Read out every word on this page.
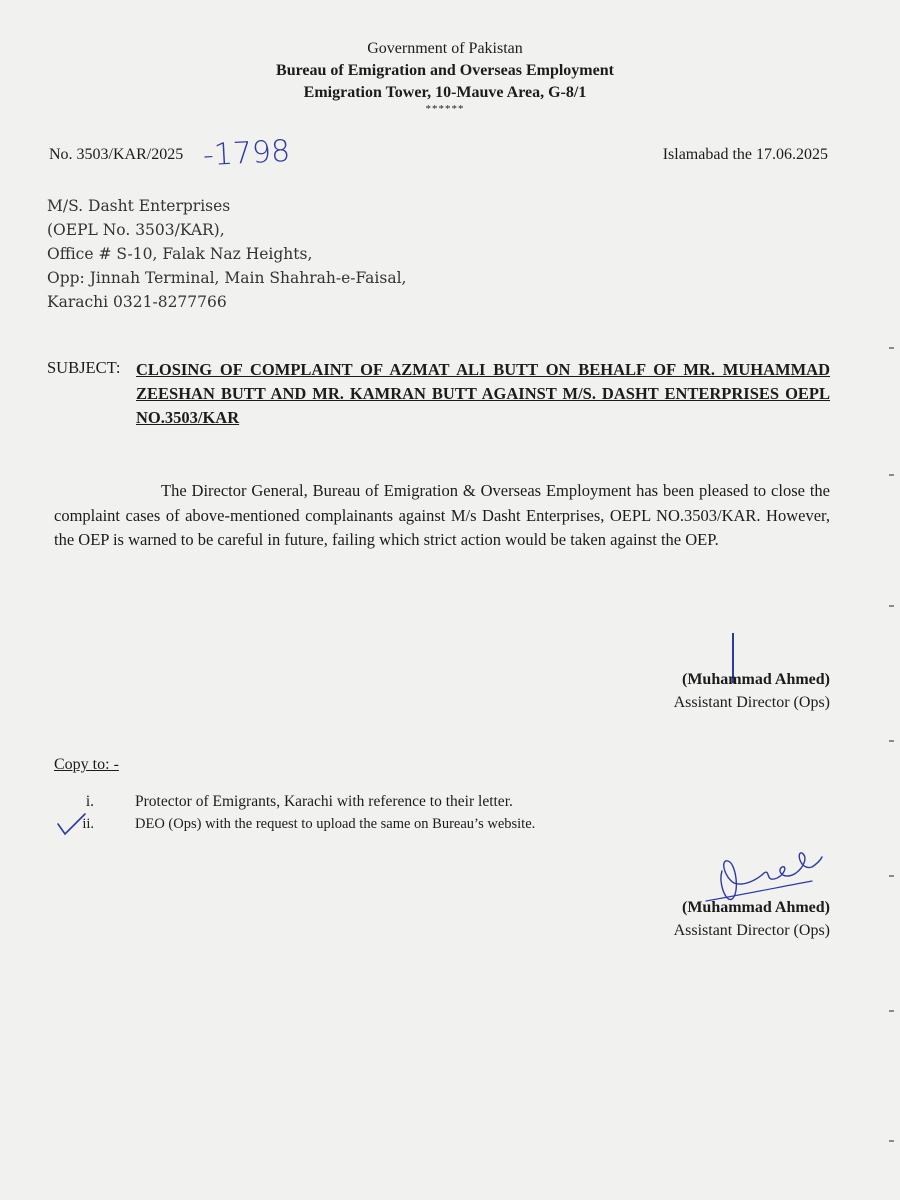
Government of Pakistan
Bureau of Emigration and Overseas Employment
Emigration Tower, 10-Mauve Area, G-8/1
******
No. 3503/KAR/2025 -1798	Islamabad the 17.06.2025
M/S. Dasht Enterprises
(OEPL No. 3503/KAR),
Office # S-10, Falak Naz Heights,
Opp: Jinnah Terminal, Main Shahrah-e-Faisal,
Karachi 0321-8277766
SUBJECT: CLOSING OF COMPLAINT OF AZMAT ALI BUTT ON BEHALF OF MR. MUHAMMAD ZEESHAN BUTT AND MR. KAMRAN BUTT AGAINST M/S. DASHT ENTERPRISES OEPL NO.3503/KAR
The Director General, Bureau of Emigration & Overseas Employment has been pleased to close the complaint cases of above-mentioned complainants against M/s Dasht Enterprises, OEPL NO.3503/KAR. However, the OEP is warned to be careful in future, failing which strict action would be taken against the OEP.
(Muhammad Ahmed)
Assistant Director (Ops)
Copy to: -
i.	Protector of Emigrants, Karachi with reference to their letter.
ii.	DEO (Ops) with the request to upload the same on Bureau’s website.
(Muhammad Ahmed)
Assistant Director (Ops)
